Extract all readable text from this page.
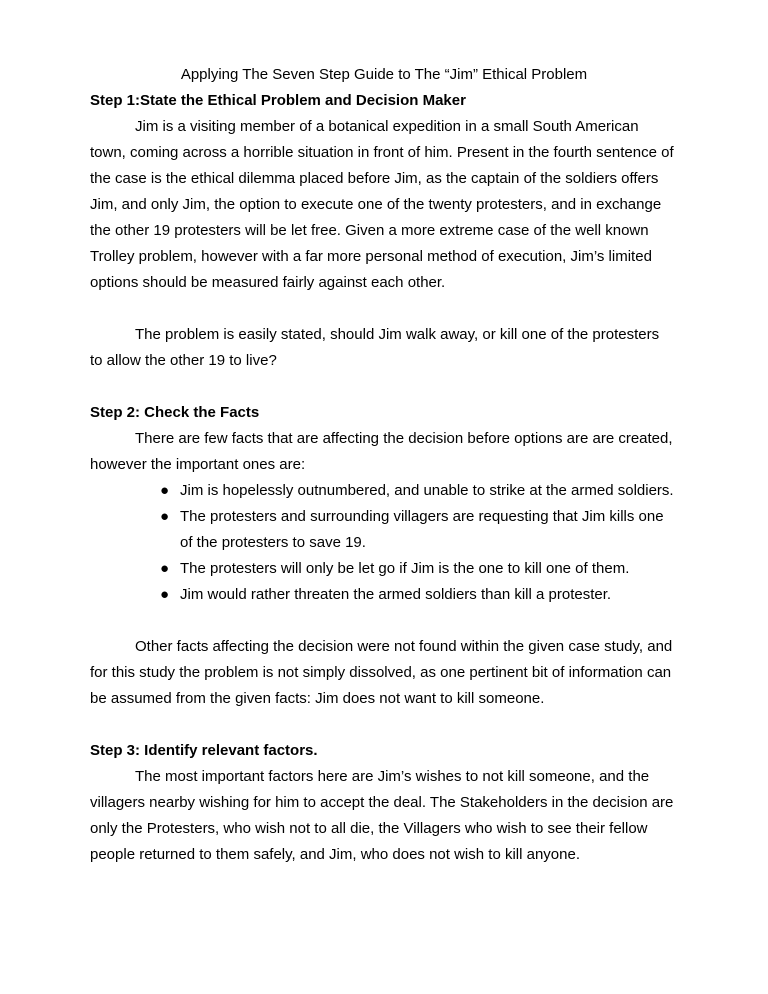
Applying The Seven Step Guide to The “Jim” Ethical Problem
Step 1:State the Ethical Problem and Decision Maker
Jim is a visiting member of a botanical expedition in a small South American
town, coming across a horrible situation in front of him. Present in the fourth sentence of
the case is the ethical dilemma placed before Jim, as the captain of the soldiers offers
Jim, and only Jim, the option to execute one of the twenty protesters, and in exchange
the other 19 protesters will be let free. Given a more extreme case of the well known
Trolley problem, however with a far more personal method of execution, Jim’s limited
options should be measured fairly against each other.
The problem is easily stated, should Jim walk away, or kill one of the protesters
to allow the other 19 to live?
Step 2: Check the Facts
There are few facts that are affecting the decision before options are are created,
however the important ones are:
● Jim is hopelessly outnumbered, and unable to strike at the armed soldiers.
● The protesters and surrounding villagers are requesting that Jim kills one
of the protesters to save 19.
● The protesters will only be let go if Jim is the one to kill one of them.
● Jim would rather threaten the armed soldiers than kill a protester.
Other facts affecting the decision were not found within the given case study, and
for this study the problem is not simply dissolved, as one pertinent bit of information can
be assumed from the given facts: Jim does not want to kill someone.
Step 3: Identify relevant factors.
The most important factors here are Jim’s wishes to not kill someone, and the
villagers nearby wishing for him to accept the deal. The Stakeholders in the decision are
only the Protesters, who wish not to all die, the Villagers who wish to see their fellow
people returned to them safely, and Jim, who does not wish to kill anyone.
